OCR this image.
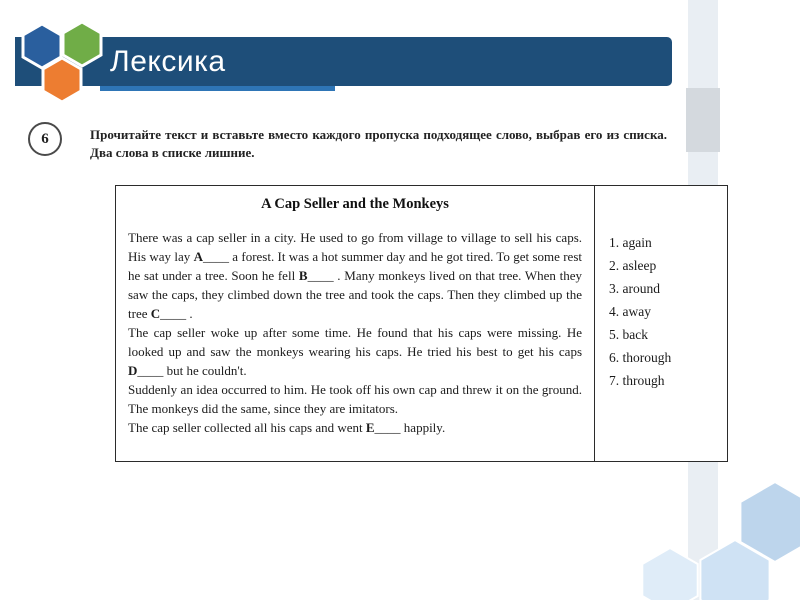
Лексика
6	Прочитайте текст и вставьте вместо каждого пропуска подходящее слово, выбрав его из списка. Два слова в списке лишние.
A Cap Seller and the Monkeys

There was a cap seller in a city. He used to go from village to village to sell his caps. His way lay A____ a forest. It was a hot summer day and he got tired. To get some rest he sat under a tree. Soon he fell B____ . Many monkeys lived on that tree. When they saw the caps, they climbed down the tree and took the caps. Then they climbed up the tree C____ .

The cap seller woke up after some time. He found that his caps were missing. He looked up and saw the monkeys wearing his caps. He tried his best to get his caps D____ but he couldn't.

Suddenly an idea occurred to him. He took off his own cap and threw it on the ground. The monkeys did the same, since they are imitators.

The cap seller collected all his caps and went E____ happily.

1. again
2. asleep
3. around
4. away
5. back
6. thorough
7. through
